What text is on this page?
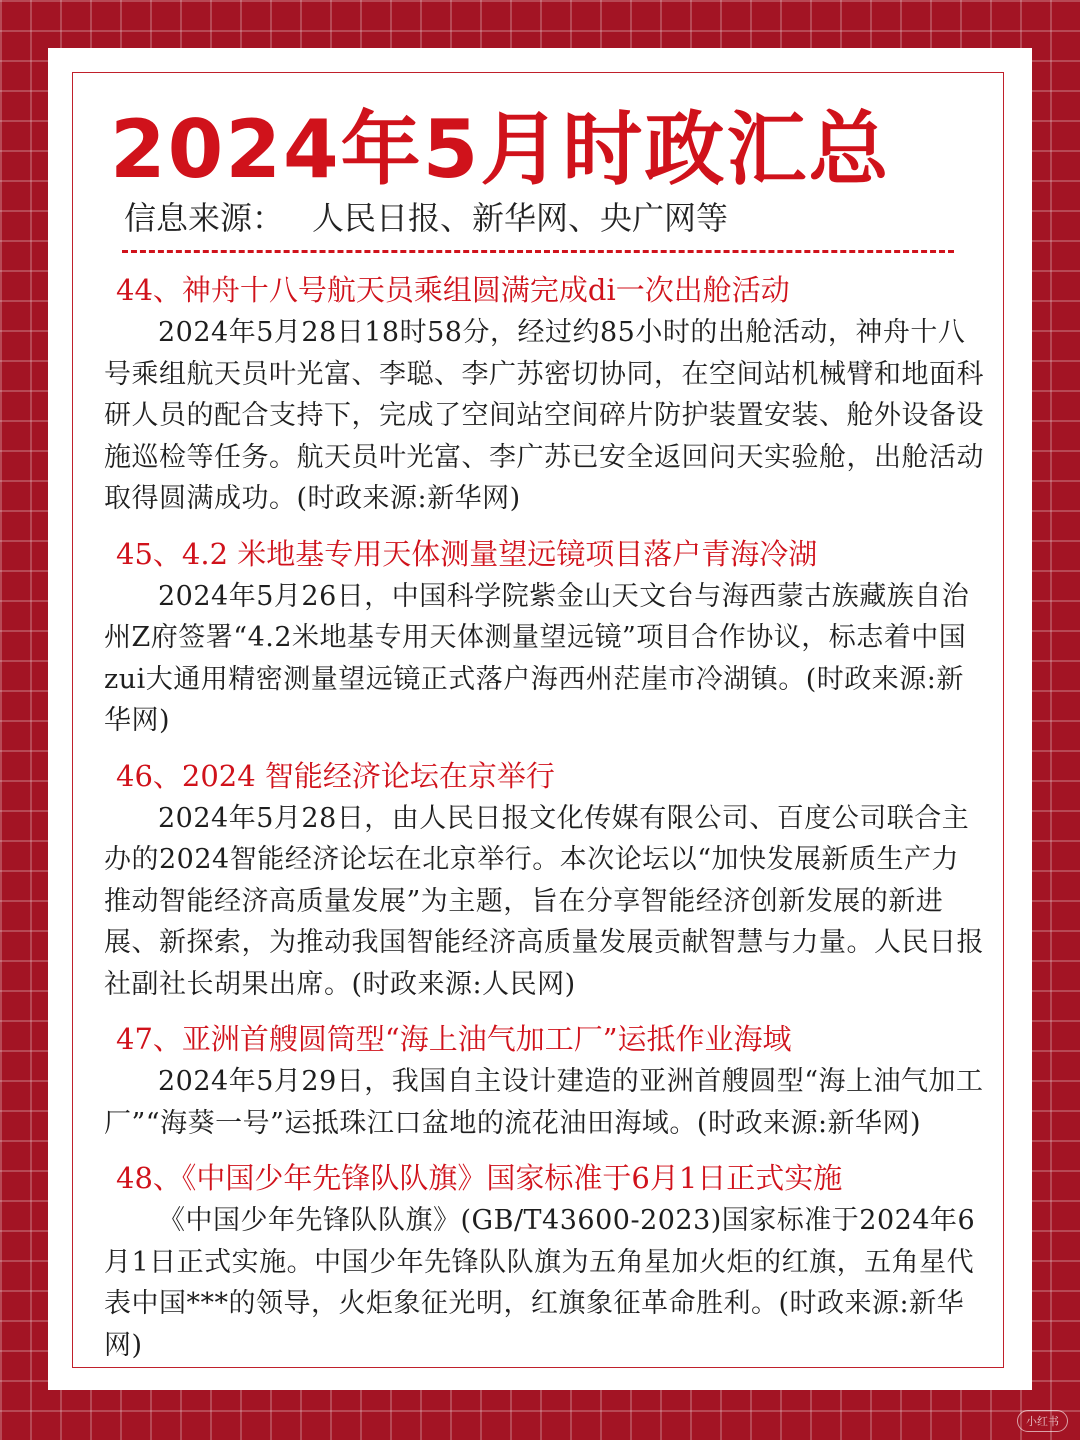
2024年5月时政汇总
信息来源： 人民日报、新华网、央广网等
44、神舟十八号航天员乘组圆满完成di一次出舱活动

2024年5月28日18时58分，经过约85小时的出舱活动，神舟十八号乘组航天员叶光富、李聪、李广苏密切协同，在空间站机械臂和地面科研人员的配合支持下，完成了空间站空间碎片防护装置安装、舱外设备设施巡检等任务。航天员叶光富、李广苏已安全返回问天实验舱，出舱活动取得圆满成功。(时政来源:新华网)

45、4.2 米地基专用天体测量望远镜项目落户青海冷湖

2024年5月26日，中国科学院紫金山天文台与海西蒙古族藏族自治州Z府签署“4.2米地基专用天体测量望远镜”项目合作协议，标志着中国zui大通用精密测量望远镜正式落户海西州茫崖市冷湖镇。(时政来源:新华网)

46、2024 智能经济论坛在京举行

2024年5月28日，由人民日报文化传媒有限公司、百度公司联合主办的2024智能经济论坛在北京举行。本次论坛以“加快发展新质生产力推动智能经济高质量发展”为主题，旨在分享智能经济创新发展的新进展、新探索，为推动我国智能经济高质量发展贡献智慧与力量。人民日报社副社长胡果出席。(时政来源:人民网)

47、亚洲首艘圆筒型“海上油气加工厂”运抵作业海域

2024年5月29日，我国自主设计建造的亚洲首艘圆型“海上油气加工厂”“海葵一号”运抵珠江口盆地的流花油田海域。(时政来源:新华网)

48、《中国少年先锋队队旗》国家标准于6月1日正式实施

《中国少年先锋队队旗》(GB/T43600-2023)国家标准于2024年6月1日正式实施。中国少年先锋队队旗为五角星加火炬的红旗，五角星代表中国***的领导，火炬象征光明，红旗象征革命胜利。(时政来源:新华网)

小红书
